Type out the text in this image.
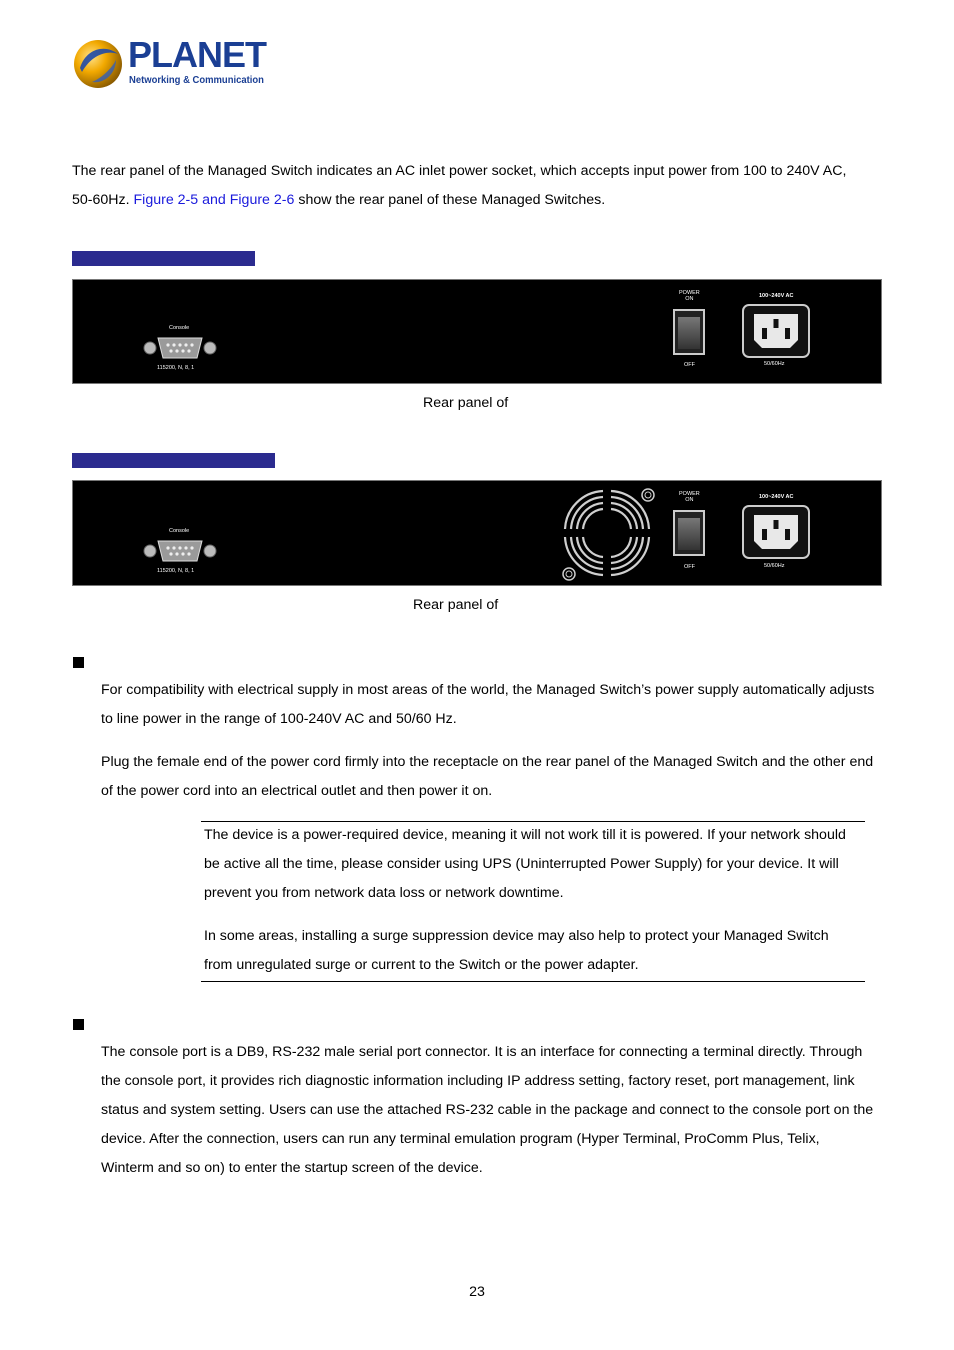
PLANET
Networking & Communication
The rear panel of the Managed Switch indicates an AC inlet power socket, which accepts input power from 100 to 240V AC,
50-60Hz. Figure 2-5 and Figure 2-6 show the rear panel of these Managed Switches.
Console
115200, N, 8, 1
POWER
ON
OFF
100~240V AC
50/60Hz
Rear panel of
Console
115200, N, 8, 1
POWER
ON
OFF
100~240V AC
50/60Hz
Rear panel of
For compatibility with electrical supply in most areas of the world, the Managed Switch’s power supply automatically adjusts
to line power in the range of 100-240V AC and 50/60 Hz.
Plug the female end of the power cord firmly into the receptacle on the rear panel of the Managed Switch and the other end
of the power cord into an electrical outlet and then power it on.
The device is a power-required device, meaning it will not work till it is powered. If your network should
be active all the time, please consider using UPS (Uninterrupted Power Supply) for your device. It will
prevent you from network data loss or network downtime.
In some areas, installing a surge suppression device may also help to protect your Managed Switch
from unregulated surge or current to the Switch or the power adapter.
The console port is a DB9, RS-232 male serial port connector. It is an interface for connecting a terminal directly. Through
the console port, it provides rich diagnostic information including IP address setting, factory reset, port management, link
status and system setting. Users can use the attached RS-232 cable in the package and connect to the console port on the
device. After the connection, users can run any terminal emulation program (Hyper Terminal, ProComm Plus, Telix,
Winterm and so on) to enter the startup screen of the device.
23
